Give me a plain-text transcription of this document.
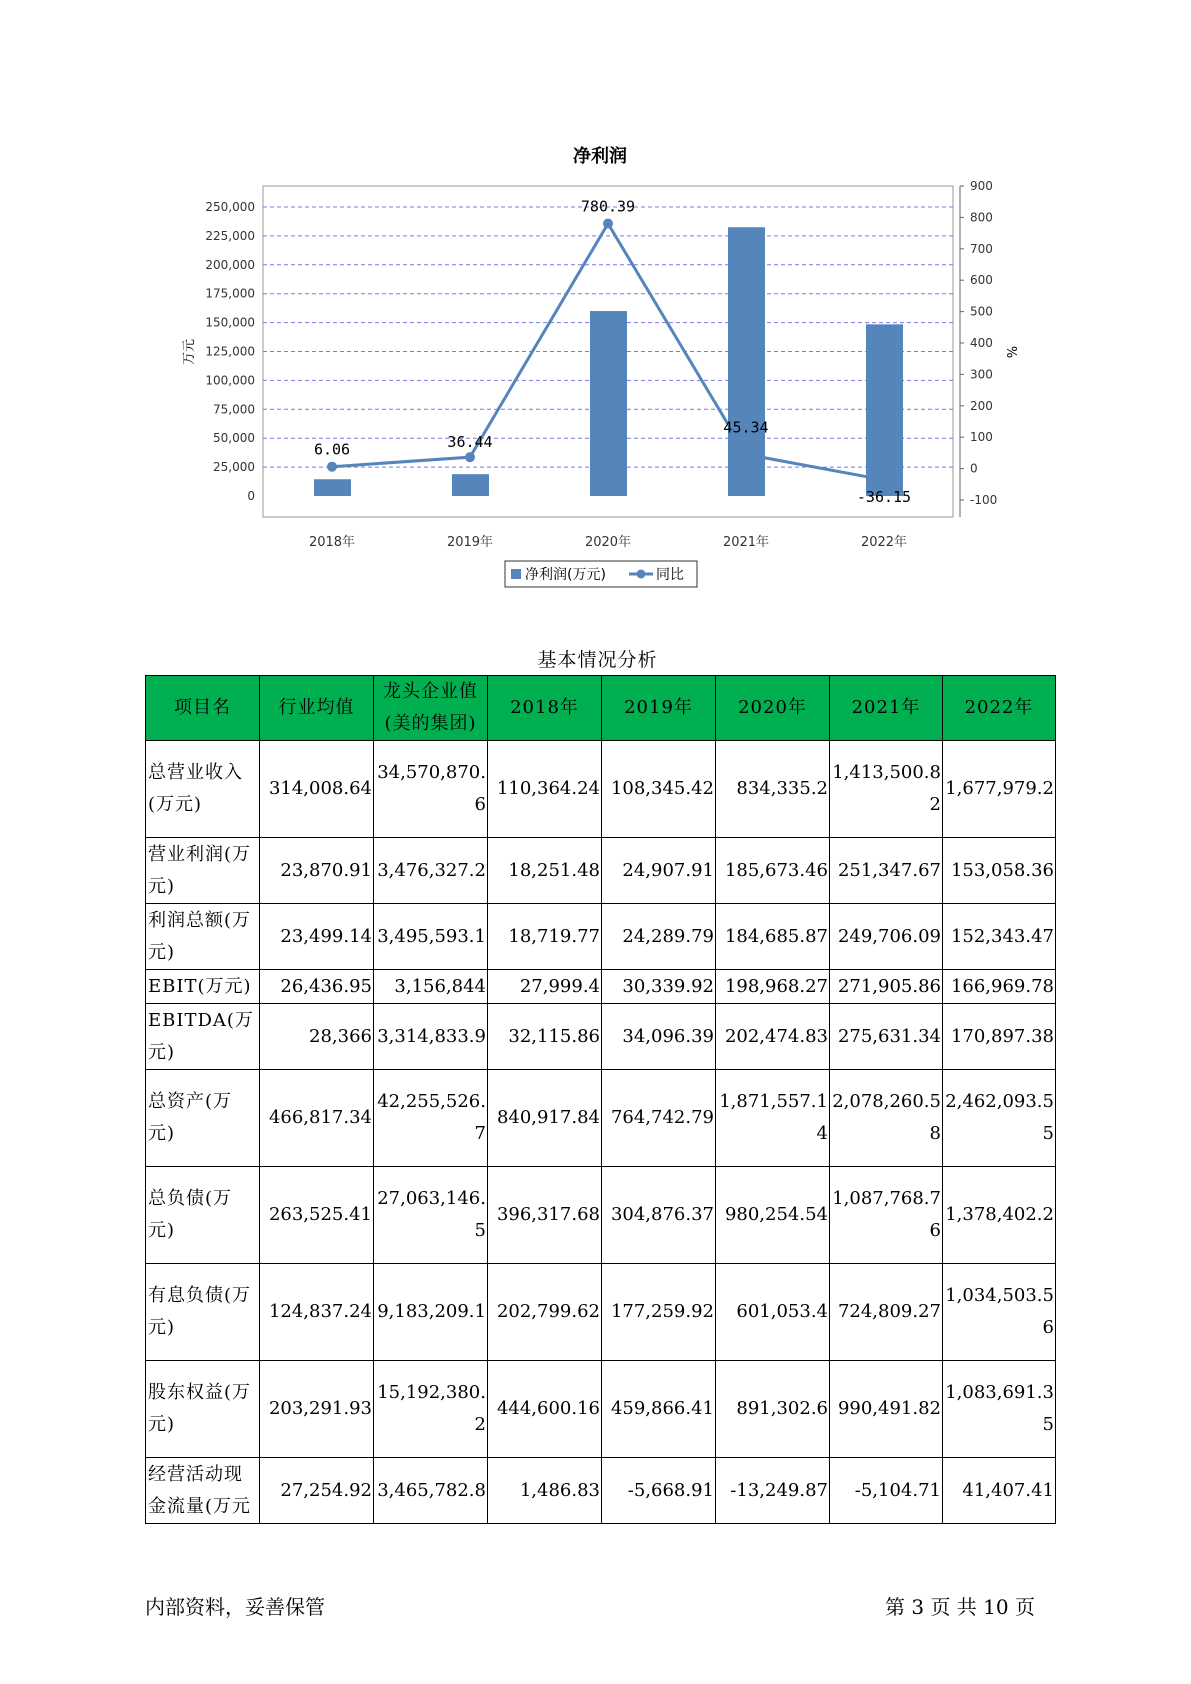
净利润
0
25,000
50,000
75,000
100,000
125,000
150,000
175,000
200,000
225,000
250,000
-100
0
100
200
300
400
500
600
700
800
900
2018年	2019年	2020年	2021年	2022年
6.06	36.44
780.39
45.34
-36.15
万元	%
净利润(万元)	同比
基本情况分析
项目名	行业均值	龙头企业值(美的集团)	2018年	2019年	2020年	2021年	2022年
总营业收入(万元)	314,008.64	34,570,870.6	110,364.24	108,345.42	834,335.2	1,413,500.82	1,677,979.2
营业利润(万元)	23,870.91	3,476,327.2	18,251.48	24,907.91	185,673.46	251,347.67	153,058.36
利润总额(万元)	23,499.14	3,495,593.1	18,719.77	24,289.79	184,685.87	249,706.09	152,343.47
EBIT(万元)	26,436.95	3,156,844	27,999.4	30,339.92	198,968.27	271,905.86	166,969.78
EBITDA(万元)	28,366	3,314,833.9	32,115.86	34,096.39	202,474.83	275,631.34	170,897.38
总资产(万元)	466,817.34	42,255,526.7	840,917.84	764,742.79	1,871,557.14	2,078,260.58	2,462,093.55
总负债(万元)	263,525.41	27,063,146.5	396,317.68	304,876.37	980,254.54	1,087,768.76	1,378,402.2
有息负债(万元)	124,837.24	9,183,209.1	202,799.62	177,259.92	601,053.4	724,809.27	1,034,503.56
股东权益(万元)	203,291.93	15,192,380.2	444,600.16	459,866.41	891,302.6	990,491.82	1,083,691.35
经营活动现金流量(万元	27,254.92	3,465,782.8	1,486.83	-5,668.91	-13,249.87	-5,104.71	41,407.41
内部资料，妥善保管	第 3 页 共 10 页
